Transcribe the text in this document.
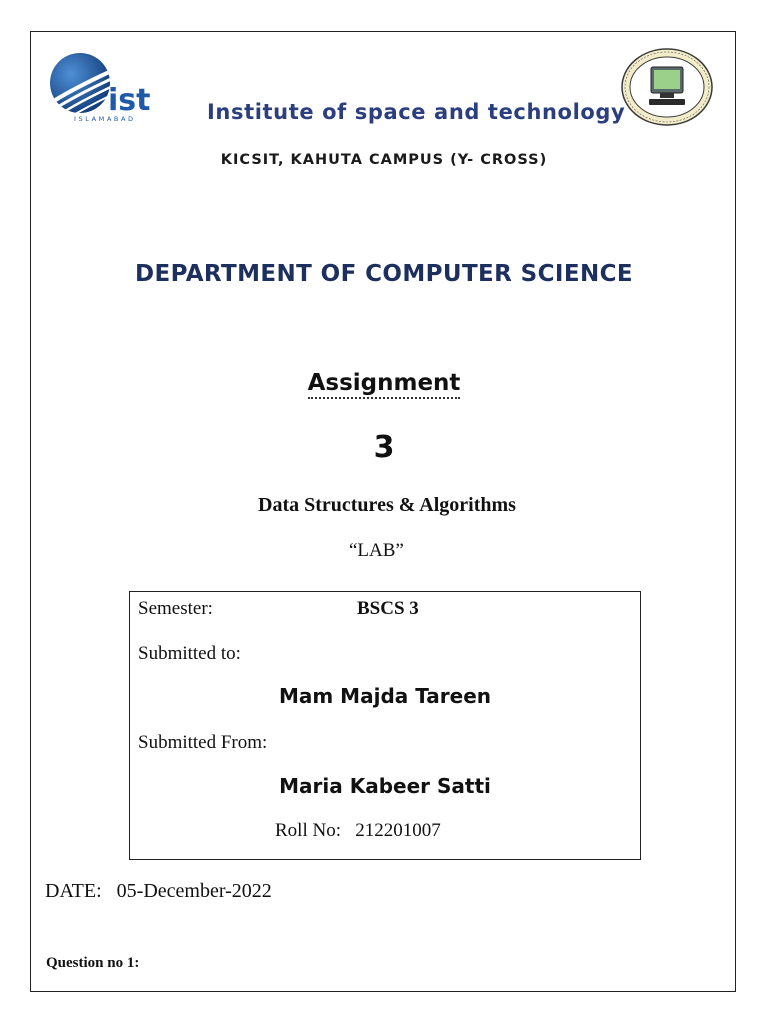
ist
ISLAMABAD	Institute of space and technology
KICSIT, KAHUTA CAMPUS (Y- CROSS)
DEPARTMENT OF COMPUTER SCIENCE
Assignment
3
Data Structures & Algorithms
“LAB”
Semester:	BSCS 3
Submitted to:
Mam Majda Tareen
Submitted From:
Maria Kabeer Satti
Roll No: 212201007
DATE: 05-December-2022
Question no 1:
